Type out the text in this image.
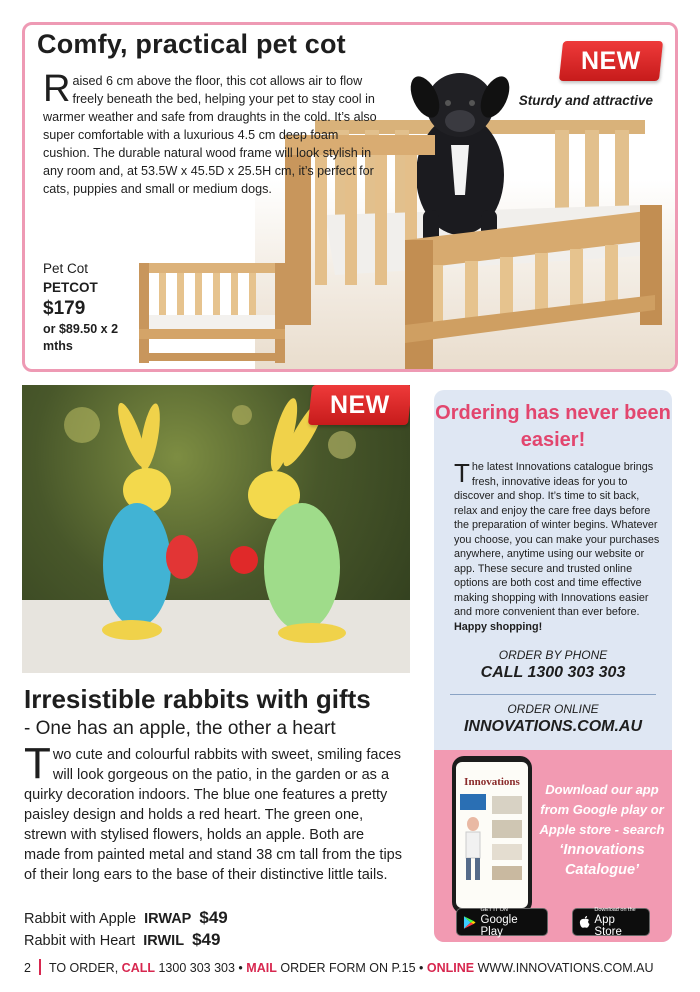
Comfy, practical pet cot
Sturdy and attractive
NEW

Raised 6 cm above the floor, this cot allows air to flow freely beneath the bed, helping your pet to stay cool in warmer weather and safe from draughts in the cold. It’s also super comfortable with a luxurious 4.5 cm deep foam cushion. The durable natural wood frame will look stylish in any room and, at 53.5W x 45.5D x 25.5H cm, it’s perfect for cats, puppies and small or medium dogs.

Pet Cot
PETCOT
$179
or $89.50 x 2 mths
NEW
Irresistible rabbits with gifts
- One has an apple, the other a heart

Two cute and colourful rabbits with sweet, smiling faces will look gorgeous on the patio, in the garden or as a quirky decoration indoors. The blue one features a pretty paisley design and holds a red heart. The green one, strewn with stylised flowers, holds an apple. Both are made from painted metal and stand 38 cm tall from the tips of their long ears to the base of their distinctive little tails.

Rabbit with Apple IRWAP $49
Rabbit with Heart IRWIL $49
Ordering has never been easier!

The latest Innovations catalogue brings fresh, innovative ideas for you to discover and shop. It’s time to sit back, relax and enjoy the care free days before the preparation of winter begins. Whatever you choose, you can make your purchases anywhere, anytime using our website or app. These secure and trusted online options are both cost and time effective making shopping with Innovations easier and more convenient than ever before.
Happy shopping!

ORDER BY PHONE
CALL 1300 303 303
ORDER ONLINE
INNOVATIONS.COM.AU
Innovations	Download our app from Google play or Apple store - search
‘Innovations Catalogue’
GET IT ON
Google Play
Download on the
App Store
2 TO ORDER, CALL 1300 303 303 • MAIL ORDER FORM ON P.15 • ONLINE WWW.INNOVATIONS.COM.AU
